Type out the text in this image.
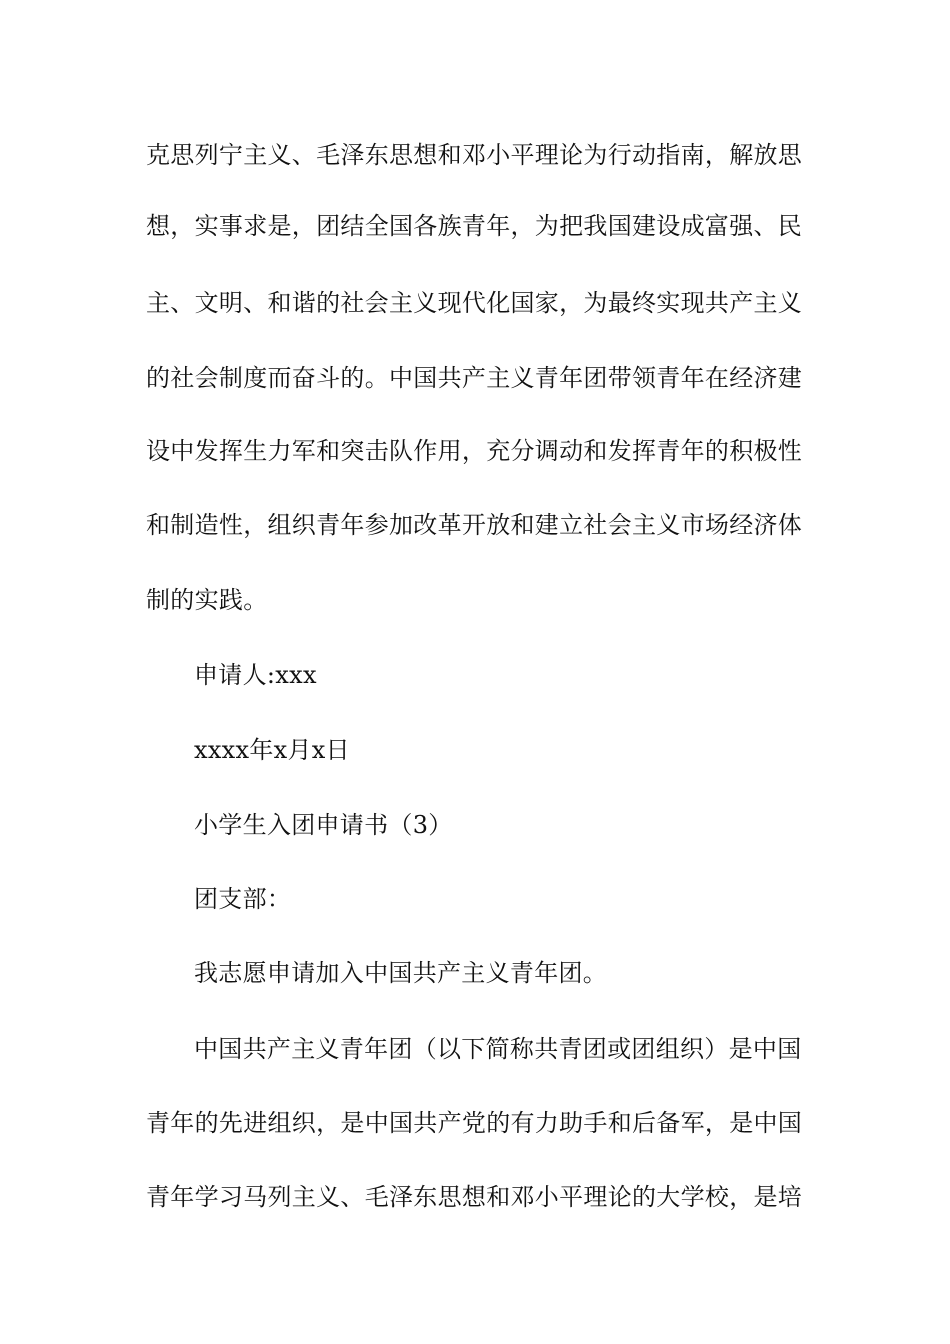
克思列宁主义、毛泽东思想和邓小平理论为行动指南，解放思
想，实事求是，团结全国各族青年，为把我国建设成富强、民
主、文明、和谐的社会主义现代化国家，为最终实现共产主义
的社会制度而奋斗的。中国共产主义青年团带领青年在经济建
设中发挥生力军和突击队作用，充分调动和发挥青年的积极性
和制造性，组织青年参加改革开放和建立社会主义市场经济体
制的实践。
申请人:xxx
xxxx年x月x日
小学生入团申请书（3）
团支部：
我志愿申请加入中国共产主义青年团。
中国共产主义青年团（以下简称共青团或团组织）是中国
青年的先进组织，是中国共产党的有力助手和后备军，是中国
青年学习马列主义、毛泽东思想和邓小平理论的大学校，是培
